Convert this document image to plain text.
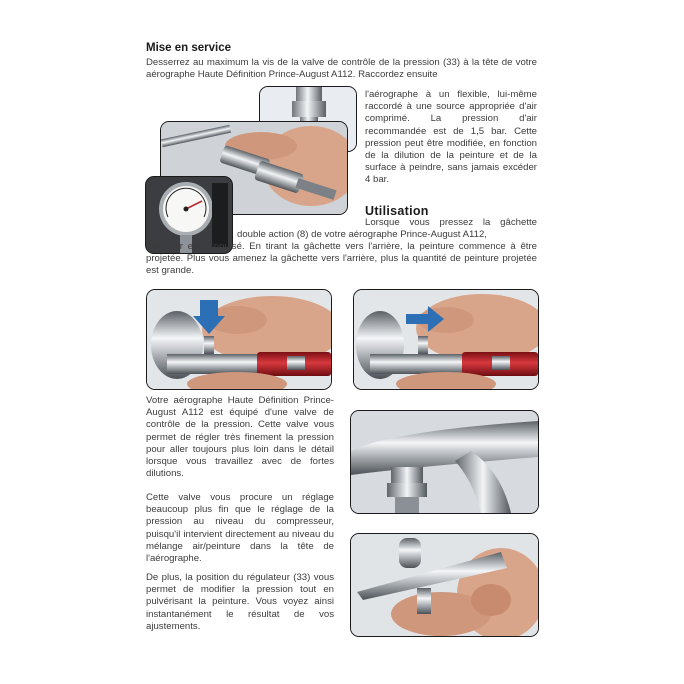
Mise en service
Desserrez au maximum la vis de la valve de contrôle de la pression (33) à la tête de votre aérographe Haute Définition Prince-August A112. Raccordez ensuite
l'aérographe à un flexible, lui-même raccordé à une source appropriée d'air comprimé. La pression d'air recommandée est de 1,5 bar. Cette pression peut être modifiée, en fonction de la dilution de la peinture et de la surface à peindre, sans jamais excéder 4 bar.
Utilisation
Lorsque vous pressez la gâchette double action (8) de votre aérographe Prince-August A112,
seul l'air est propulsé. En tirant la gâchette vers l'arrière, la peinture commence à être projetée. Plus vous amenez la gâchette vers l'arrière, plus la quantité de peinture projetée est grande.
Votre aérographe Haute Définition Prince-August A112 est équipé d'une valve de contrôle de la pression. Cette valve vous permet de régler très finement la pression pour aller toujours plus loin dans le détail lorsque vous travaillez avec de fortes dilutions.
Cette valve vous procure un réglage beaucoup plus fin que le réglage de la pression au niveau du compresseur, puisqu'il intervient directement au niveau du mélange air/peinture dans la tête de l'aérographe.
De plus, la position du régulateur (33) vous permet de modifier la pression tout en pulvérisant la peinture. Vous voyez ainsi instantanément le résultat de vos ajustements.
